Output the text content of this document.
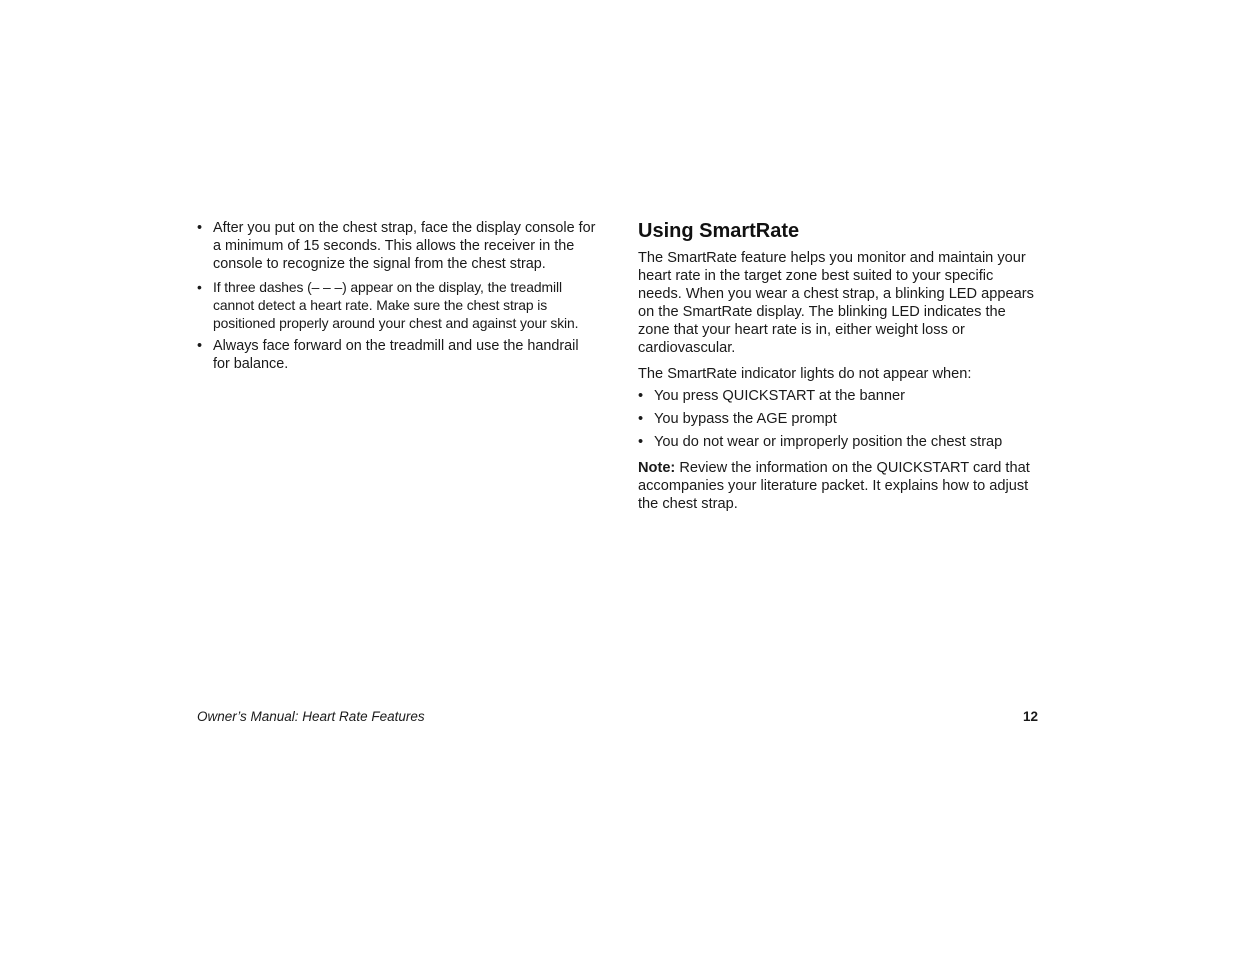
• After you put on the chest strap, face the display console for a minimum of 15 seconds. This allows the receiver in the console to recognize the signal from the chest strap.
• If three dashes (– – –) appear on the display, the treadmill cannot detect a heart rate. Make sure the chest strap is positioned properly around your chest and against your skin.
• Always face forward on the treadmill and use the handrail for balance.
Using SmartRate

The SmartRate feature helps you monitor and maintain your heart rate in the target zone best suited to your specific needs. When you wear a chest strap, a blinking LED appears on the SmartRate display. The blinking LED indicates the zone that your heart rate is in, either weight loss or cardiovascular.

The SmartRate indicator lights do not appear when:

• You press QUICKSTART at the banner
• You bypass the AGE prompt
• You do not wear or improperly position the chest strap

Note: Review the information on the QUICKSTART card that accompanies your literature packet. It explains how to adjust the chest strap.

Owner’s Manual: Heart Rate Features	12
